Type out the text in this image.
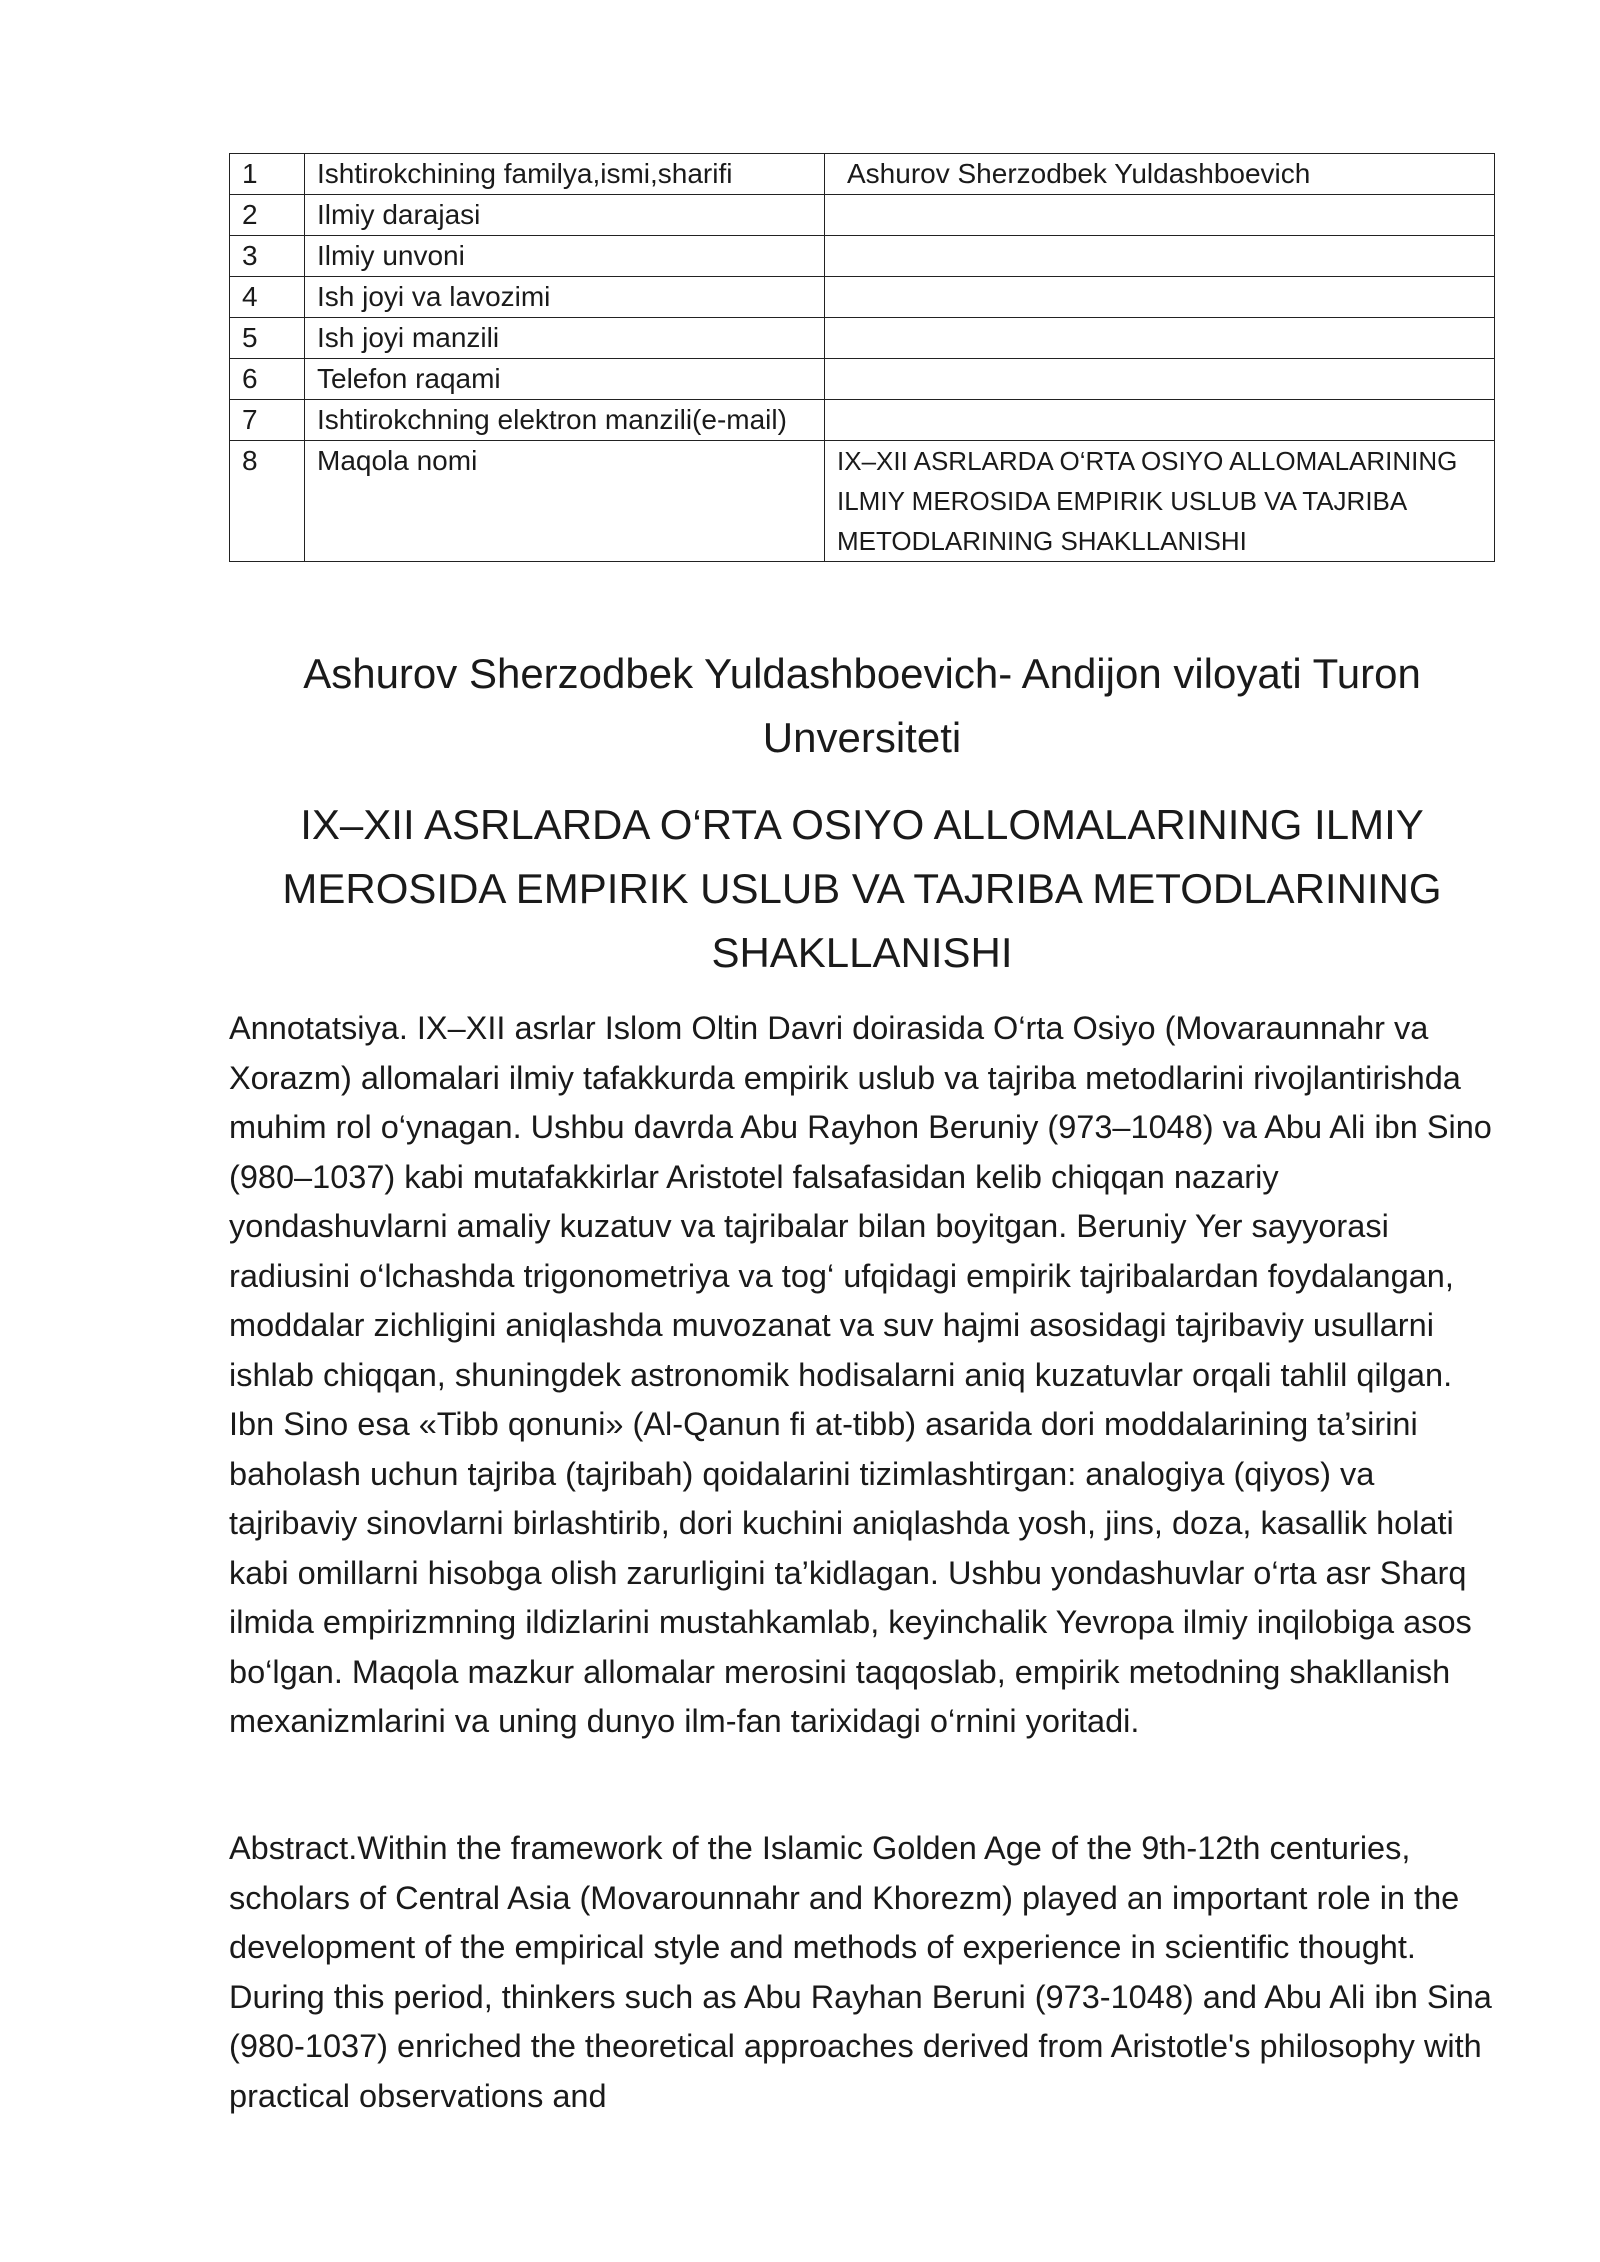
1	Ishtirokchining familya,ismi,sharifi	Ashurov Sherzodbek Yuldashboevich
2	Ilmiy darajasi	
3	Ilmiy unvoni	
4	Ish joyi va lavozimi	
5	Ish joyi manzili	
6	Telefon raqami	
7	Ishtirokchning elektron manzili(e-mail)	
8	Maqola nomi	IX–XII ASRLARDA O‘RTA OSIYO ALLOMALARINING ILMIY MEROSIDA EMPIRIK USLUB VA TAJRIBA METODLARINING SHAKLLANISHI
Ashurov Sherzodbek Yuldashboevich- Andijon viloyati Turon Unversiteti
IX–XII ASRLARDA O‘RTA OSIYO ALLOMALARINING ILMIY MEROSIDA EMPIRIK USLUB VA TAJRIBA METODLARINING SHAKLLANISHI

Annotatsiya. IX–XII asrlar Islom Oltin Davri doirasida O‘rta Osiyo (Movaraunnahr va Xorazm) allomalari ilmiy tafakkurda empirik uslub va tajriba metodlarini rivojlantirishda muhim rol o‘ynagan. Ushbu davrda Abu Rayhon Beruniy (973–1048) va Abu Ali ibn Sino (980–1037) kabi mutafakkirlar Aristotel falsafasidan kelib chiqqan nazariy yondashuvlarni amaliy kuzatuv va tajribalar bilan boyitgan. Beruniy Yer sayyorasi radiusini o‘lchashda trigonometriya va tog‘ ufqidagi empirik tajribalardan foydalangan, moddalar zichligini aniqlashda muvozanat va suv hajmi asosidagi tajribaviy usullarni ishlab chiqqan, shuningdek astronomik hodisalarni aniq kuzatuvlar orqali tahlil qilgan. Ibn Sino esa «Tibb qonuni» (Al-Qanun fi at-tibb) asarida dori moddalarining ta’sirini baholash uchun tajriba (tajribah) qoidalarini tizimlashtirgan: analogiya (qiyos) va tajribaviy sinovlarni birlashtirib, dori kuchini aniqlashda yosh, jins, doza, kasallik holati kabi omillarni hisobga olish zarurligini ta’kidlagan. Ushbu yondashuvlar o‘rta asr Sharq ilmida empirizmning ildizlarini mustahkamlab, keyinchalik Yevropa ilmiy inqilobiga asos bo‘lgan. Maqola mazkur allomalar merosini taqqoslab, empirik metodning shakllanish mexanizmlarini va uning dunyo ilm-fan tarixidagi o‘rnini yoritadi.

Abstract.Within the framework of the Islamic Golden Age of the 9th-12th centuries, scholars of Central Asia (Movarounnahr and Khorezm) played an important role in the development of the empirical style and methods of experience in scientific thought. During this period, thinkers such as Abu Rayhan Beruni (973-1048) and Abu Ali ibn Sina (980-1037) enriched the theoretical approaches derived from Aristotle's philosophy with practical observations and
